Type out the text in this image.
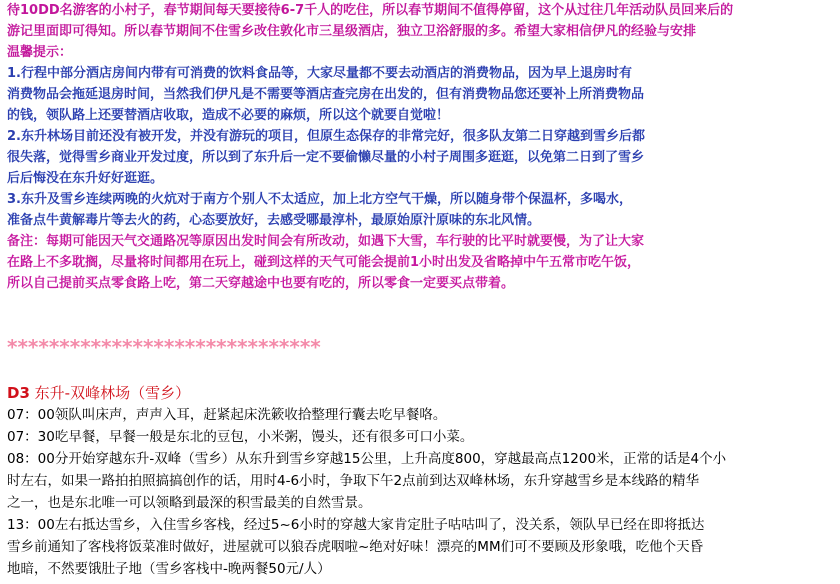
待10DD名游客的小村子，春节期间每天要接待6-7千人的吃住，所以春节期间不值得停留，这个从过往几年活动队员回来后的

游记里面即可得知。所以春节期间不住雪乡改住敦化市三星级酒店，独立卫浴舒服的多。希望大家相信伊凡的经验与安排

温馨提示：

1.行程中部分酒店房间内带有可消费的饮料食品等，大家尽量都不要去动酒店的消费物品，因为早上退房时有

消费物品会拖延退房时间，当然我们伊凡是不需要等酒店查完房在出发的，但有消费物品您还要补上所消费物品

的钱，领队路上还要替酒店收取，造成不必要的麻烦，所以这个就要自觉啦！

2.东升林场目前还没有被开发，并没有游玩的项目，但原生态保存的非常完好，很多队友第二日穿越到雪乡后都

很失落，觉得雪乡商业开发过度，所以到了东升后一定不要偷懒尽量的小村子周围多逛逛，以免第二日到了雪乡

后后悔没在东升好好逛逛。

3.东升及雪乡连续两晚的火炕对于南方个别人不太适应，加上北方空气干燥，所以随身带个保温杯，多喝水，

准备点牛黄解毒片等去火的药，心态要放好，去感受哪最淳朴，最原始原汁原味的东北风情。

备注：每期可能因天气交通路况等原因出发时间会有所改动，如遇下大雪，车行驶的比平时就要慢，为了让大家

在路上不多耽搁，尽量将时间都用在玩上，碰到这样的天气可能会提前1小时出发及省略掉中午五常市吃午饭，

所以自己提前买点零食路上吃，第二天穿越途中也要有吃的，所以零食一定要买点带着。

******************************
D3 东升-双峰林场（雪乡）

07：00领队叫床声，声声入耳，赶紧起床洗簌收拾整理行囊去吃早餐咯。

07：30吃早餐，早餐一般是东北的豆包，小米粥，馒头，还有很多可口小菜。

08：00分开始穿越东升-双峰（雪乡）从东升到雪乡穿越15公里，上升高度800，穿越最高点1200米，正常的话是4个小
时左右，如果一路拍拍照搞搞创作的话，用时4-6小时，争取下午2点前到达双峰林场，东升穿越雪乡是本线路的精华
之一，也是东北唯一可以领略到最深的积雪最美的自然雪景。

13：00左右抵达雪乡，入住雪乡客栈，经过5~6小时的穿越大家肯定肚子咕咕叫了，没关系，领队早已经在即将抵达
雪乡前通知了客栈将饭菜准时做好，进屋就可以狼吞虎咽啦~绝对好味！漂亮的MM们可不要顾及形象哦，吃他个天昏
地暗，不然要饿肚子地（雪乡客栈中-晚两餐50元/人）
